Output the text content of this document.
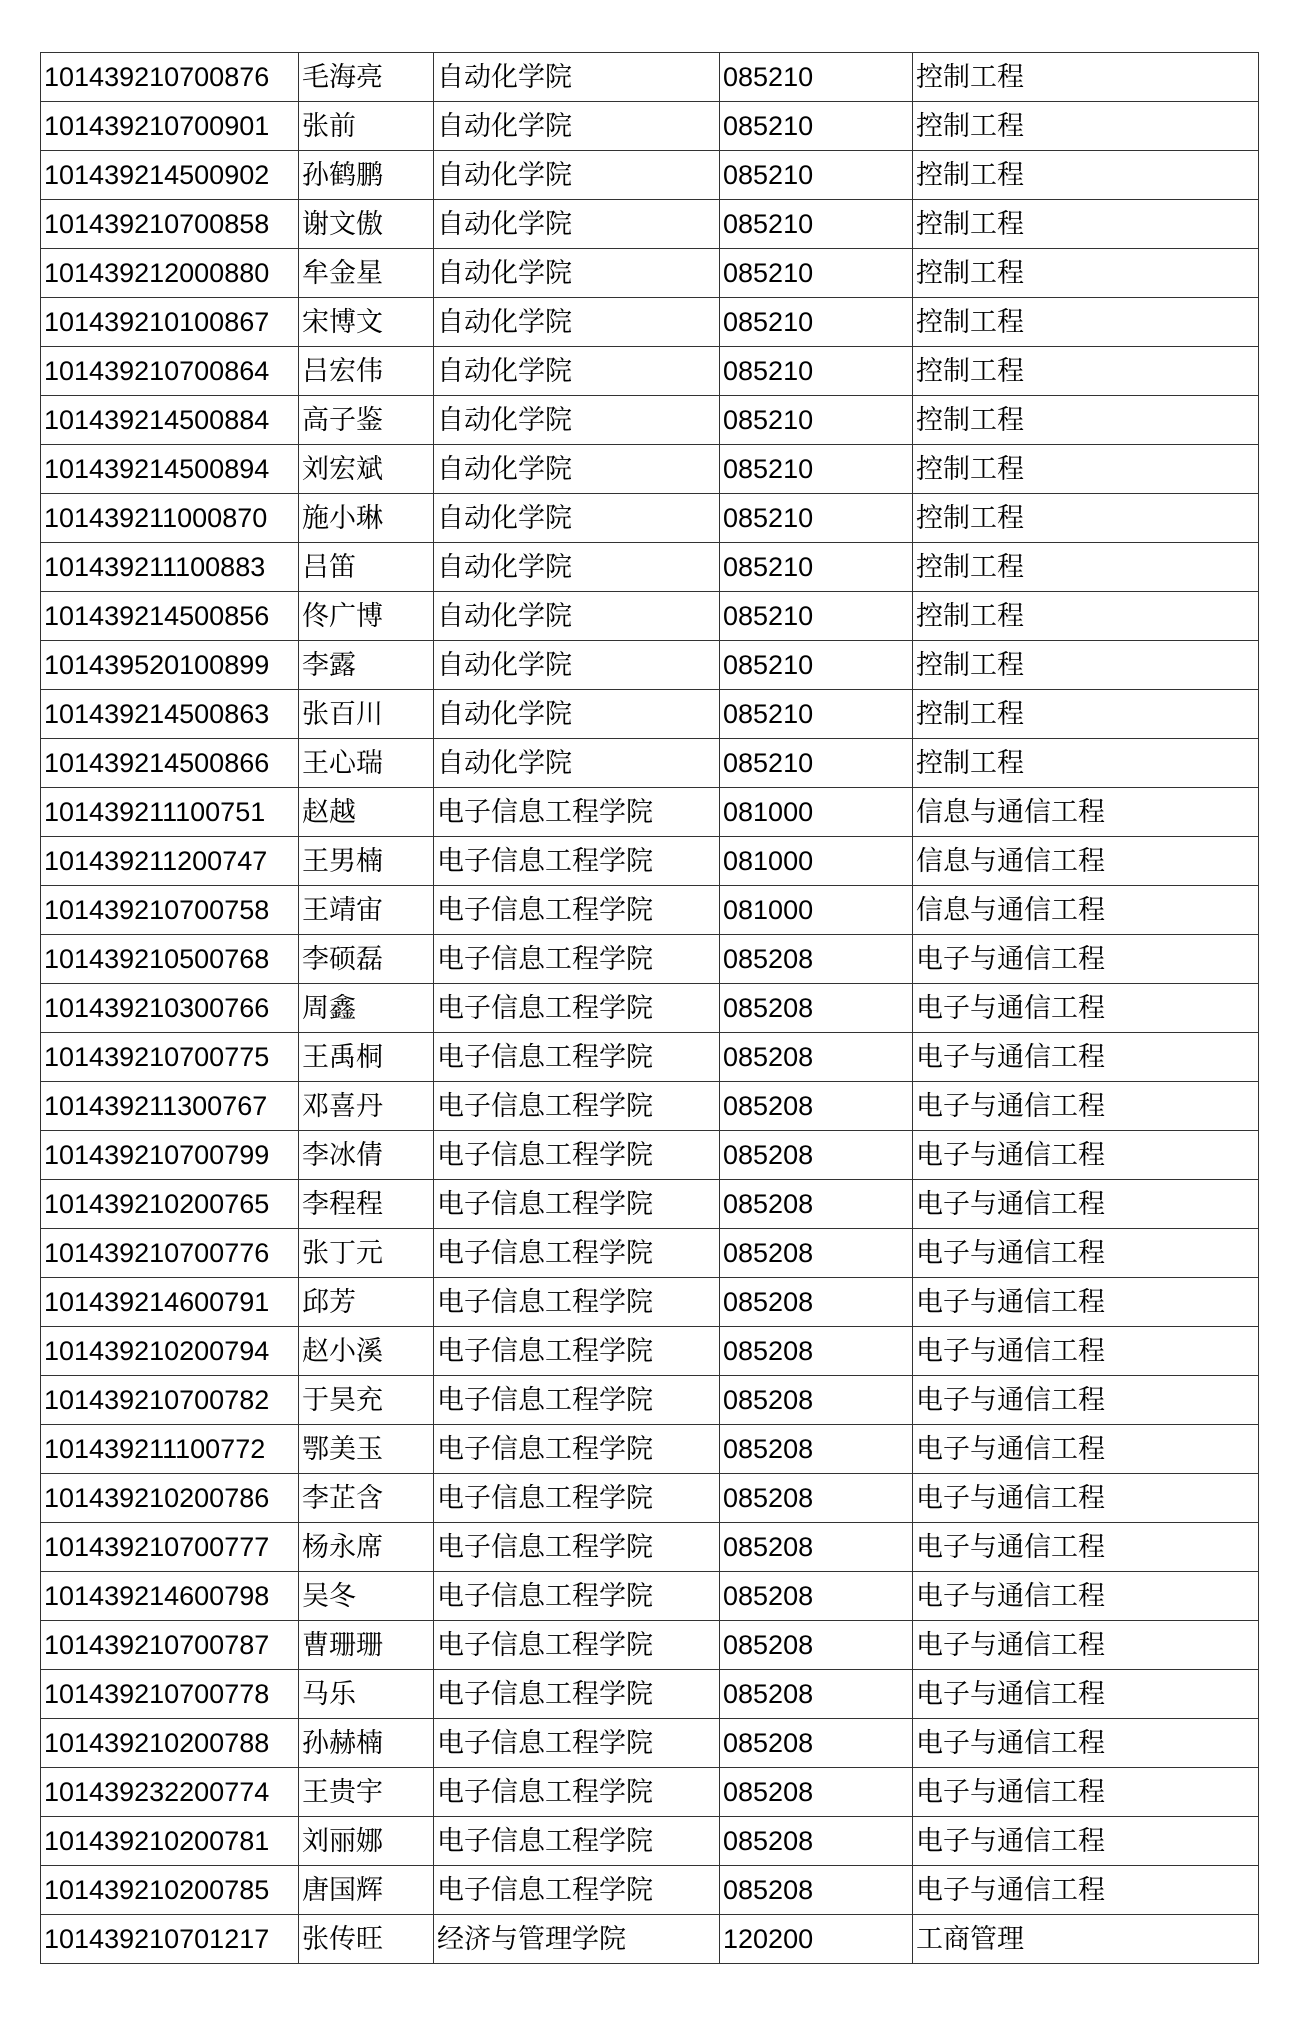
101439210700876	毛海亮	自动化学院	085210	控制工程
101439210700901	张前	自动化学院	085210	控制工程
101439214500902	孙鹤鹏	自动化学院	085210	控制工程
101439210700858	谢文傲	自动化学院	085210	控制工程
101439212000880	牟金星	自动化学院	085210	控制工程
101439210100867	宋博文	自动化学院	085210	控制工程
101439210700864	吕宏伟	自动化学院	085210	控制工程
101439214500884	高子鉴	自动化学院	085210	控制工程
101439214500894	刘宏斌	自动化学院	085210	控制工程
101439211000870	施小琳	自动化学院	085210	控制工程
101439211100883	吕笛	自动化学院	085210	控制工程
101439214500856	佟广博	自动化学院	085210	控制工程
101439520100899	李露	自动化学院	085210	控制工程
101439214500863	张百川	自动化学院	085210	控制工程
101439214500866	王心瑞	自动化学院	085210	控制工程
101439211100751	赵越	电子信息工程学院	081000	信息与通信工程
101439211200747	王男楠	电子信息工程学院	081000	信息与通信工程
101439210700758	王靖宙	电子信息工程学院	081000	信息与通信工程
101439210500768	李硕磊	电子信息工程学院	085208	电子与通信工程
101439210300766	周鑫	电子信息工程学院	085208	电子与通信工程
101439210700775	王禹桐	电子信息工程学院	085208	电子与通信工程
101439211300767	邓喜丹	电子信息工程学院	085208	电子与通信工程
101439210700799	李冰倩	电子信息工程学院	085208	电子与通信工程
101439210200765	李程程	电子信息工程学院	085208	电子与通信工程
101439210700776	张丁元	电子信息工程学院	085208	电子与通信工程
101439214600791	邱芳	电子信息工程学院	085208	电子与通信工程
101439210200794	赵小溪	电子信息工程学院	085208	电子与通信工程
101439210700782	于昊充	电子信息工程学院	085208	电子与通信工程
101439211100772	鄂美玉	电子信息工程学院	085208	电子与通信工程
101439210200786	李芷含	电子信息工程学院	085208	电子与通信工程
101439210700777	杨永席	电子信息工程学院	085208	电子与通信工程
101439214600798	吴冬	电子信息工程学院	085208	电子与通信工程
101439210700787	曹珊珊	电子信息工程学院	085208	电子与通信工程
101439210700778	马乐	电子信息工程学院	085208	电子与通信工程
101439210200788	孙赫楠	电子信息工程学院	085208	电子与通信工程
101439232200774	王贵宇	电子信息工程学院	085208	电子与通信工程
101439210200781	刘丽娜	电子信息工程学院	085208	电子与通信工程
101439210200785	唐国辉	电子信息工程学院	085208	电子与通信工程
101439210701217	张传旺	经济与管理学院	120200	工商管理
